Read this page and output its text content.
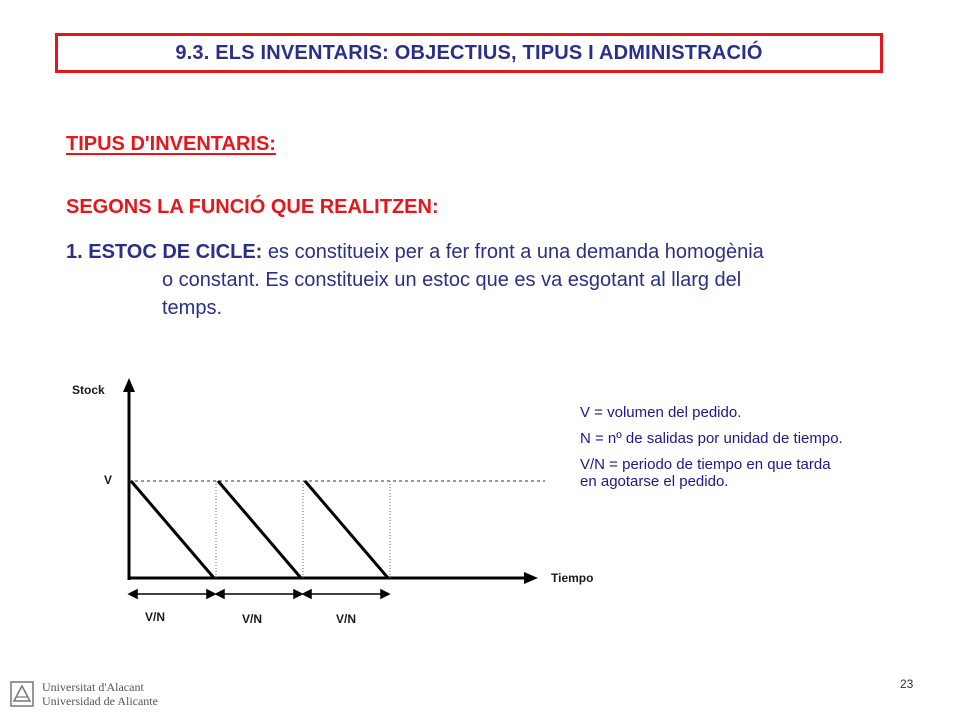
9.3. ELS INVENTARIS: OBJECTIUS, TIPUS I ADMINISTRACIÓ
TIPUS D'INVENTARIS:
SEGONS LA FUNCIÓ QUE REALITZEN:
1. ESTOC DE CICLE: es constitueix per a fer front a una demanda homogènia
o constant. Es constitueix un estoc que es va esgotant al llarg del
temps.
Stock
Tiempo
V
V/N	V/N	V/N

V = volumen del pedido.

N = nº de salidas por unidad de tiempo.

V/N = periodo de tiempo en que tarda

en agotarse el pedido.

23
Universitat d'Alacant
Universidad de Alicante
